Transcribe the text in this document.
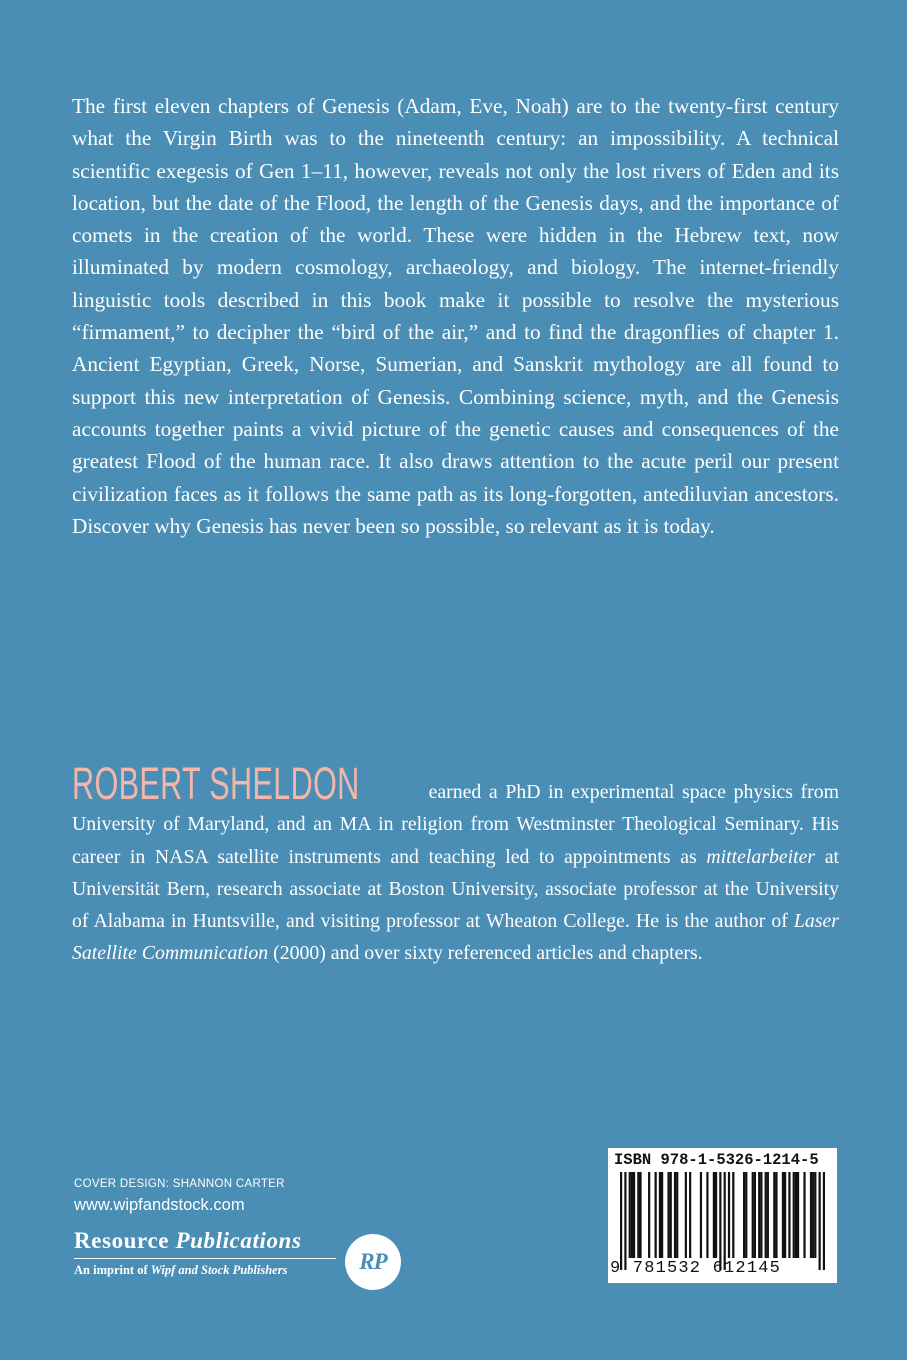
The first eleven chapters of Genesis (Adam, Eve, Noah) are to the twenty-first century what the Virgin Birth was to the nineteenth century: an impossibility. A technical scientific exegesis of Gen 1–11, however, reveals not only the lost rivers of Eden and its location, but the date of the Flood, the length of the Genesis days, and the importance of comets in the creation of the world. These were hidden in the Hebrew text, now illuminated by modern cosmology, archaeology, and biology. The internet-friendly linguistic tools described in this book make it possible to resolve the mysterious “firmament,” to decipher the “bird of the air,” and to find the dragonflies of chapter 1. Ancient Egyptian, Greek, Norse, Sumerian, and Sanskrit mythology are all found to support this new interpretation of Genesis. Combining science, myth, and the Genesis accounts together paints a vivid picture of the genetic causes and consequences of the greatest Flood of the human race. It also draws attention to the acute peril our present civilization faces as it follows the same path as its long-forgotten, antediluvian ancestors. Discover why Genesis has never been so possible, so relevant as it is today.

ROBERT SHELDON	earned a PhD in experimental space physics from University of Maryland, and an MA in religion from Westminster Theological Seminary. His career in NASA satellite instruments and teaching led to appointments as mittelarbeiter at Universität Bern, research associate at Boston University, associate professor at the University of Alabama in Huntsville, and visiting professor at Wheaton College. He is the author of Laser Satellite Communication (2000) and over sixty referenced articles and chapters.

COVER DESIGN: SHANNON CARTER
www.wipfandstock.com
Resource Publications
An imprint of Wipf and Stock Publishers	RP
ISBN 978-1-5326-1214-5
9 781532 612145
